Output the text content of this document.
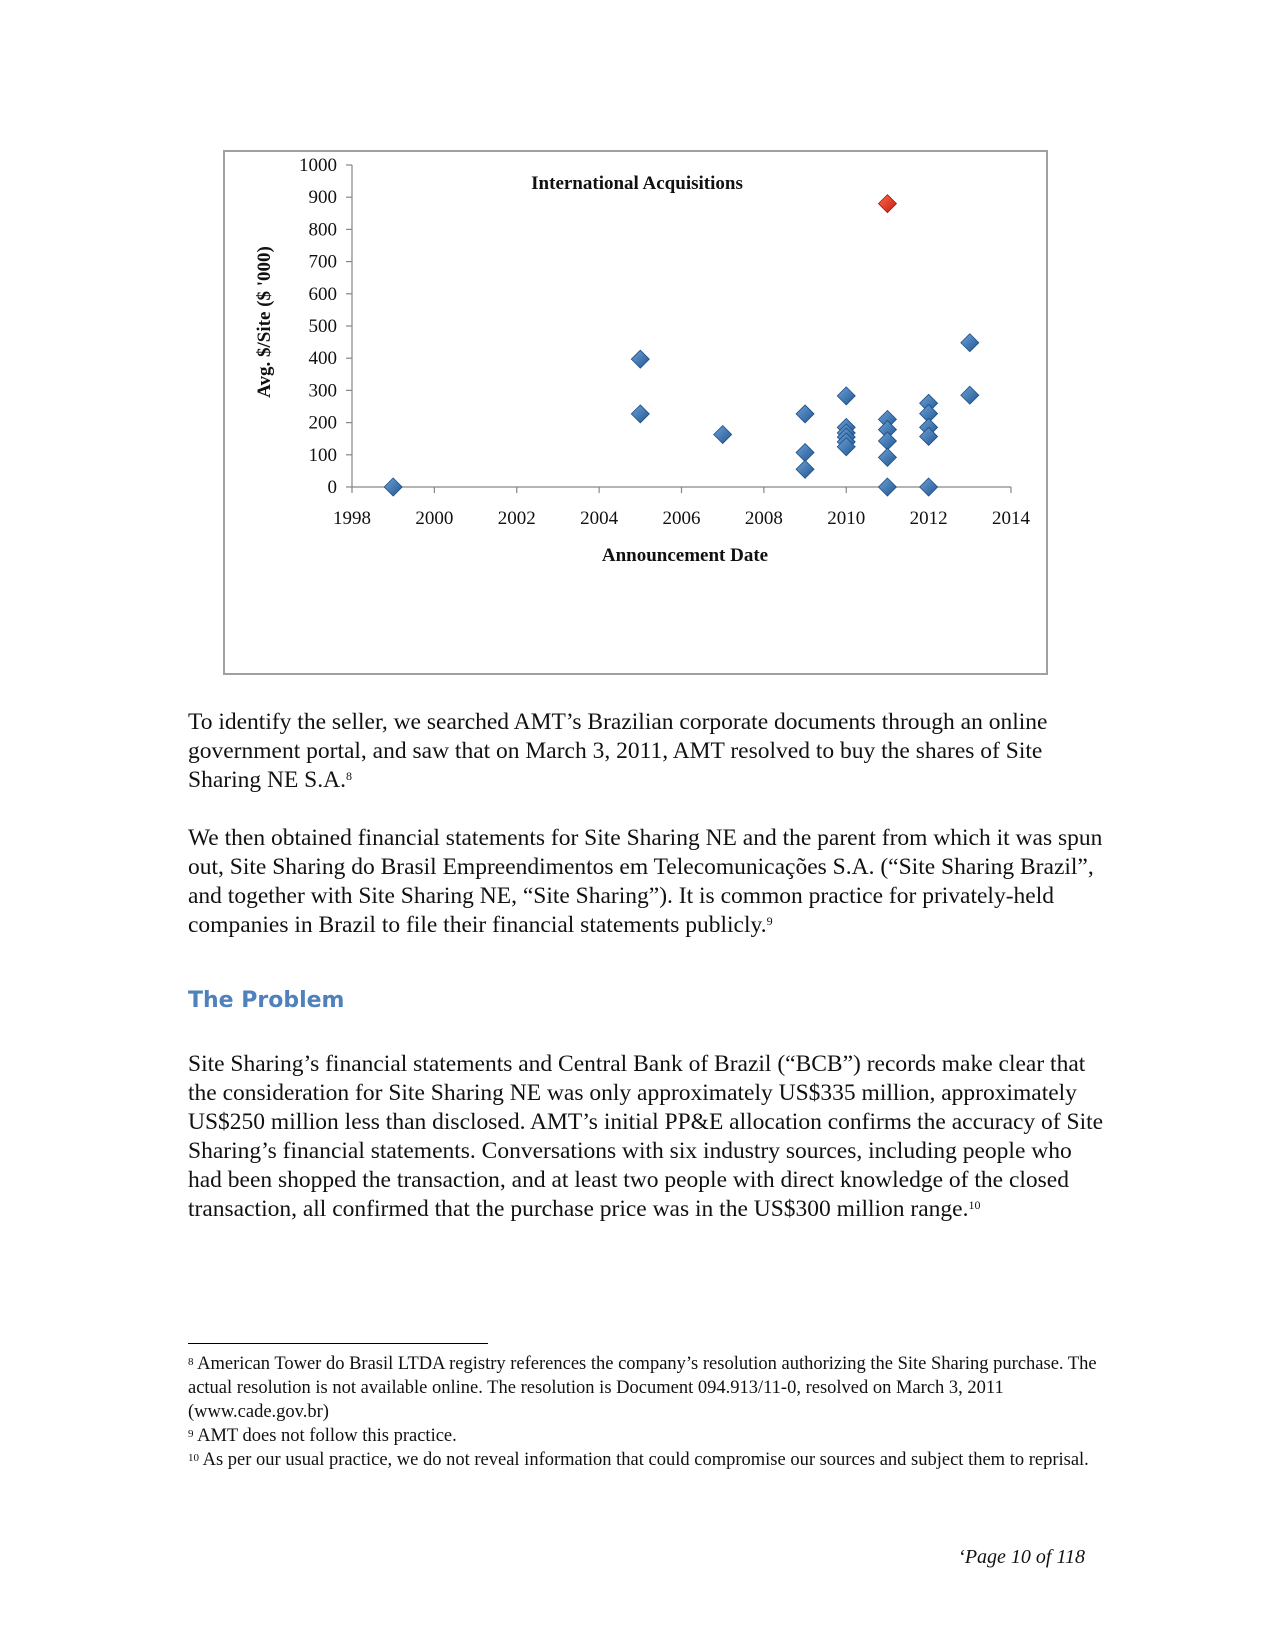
0
100
200
300
400
500
600
700
800
900
1000
1998 2000 2002 2004 2006 2008 2010 2012 2014
International Acquisitions
Announcement Date
Avg. $/Site ($ '000)

To identify the seller, we searched AMT’s Brazilian corporate documents through an online government portal, and saw that on March 3, 2011, AMT resolved to buy the shares of Site Sharing NE S.A.$^8$

We then obtained financial statements for Site Sharing NE and the parent from which it was spun out, Site Sharing do Brasil Empreendimentos em Telecomunicações S.A. (“Site Sharing Brazil”, and together with Site Sharing NE, “Site Sharing”). It is common practice for privately-held companies in Brazil to file their financial statements publicly.$^9$

The Problem

Site Sharing’s financial statements and Central Bank of Brazil (“BCB”) records make clear that the consideration for Site Sharing NE was only approximately US$335 million, approximately US$250 million less than disclosed. AMT’s initial PP&E allocation confirms the accuracy of Site Sharing’s financial statements. Conversations with six industry sources, including people who had been shopped the transaction, and at least two people with direct knowledge of the closed transaction, all confirmed that the purchase price was in the US$300 million range.$^{10}$

$^8$ American Tower do Brasil LTDA registry references the company’s resolution authorizing the Site Sharing purchase. The actual resolution is not available online. The resolution is Document 094.913/11-0, resolved on March 3, 2011 (www.cade.gov.br)

$^9$ AMT does not follow this practice.

$^{10}$ As per our usual practice, we do not reveal information that could compromise our sources and subject them to reprisal.

‘Page 10 of 118
